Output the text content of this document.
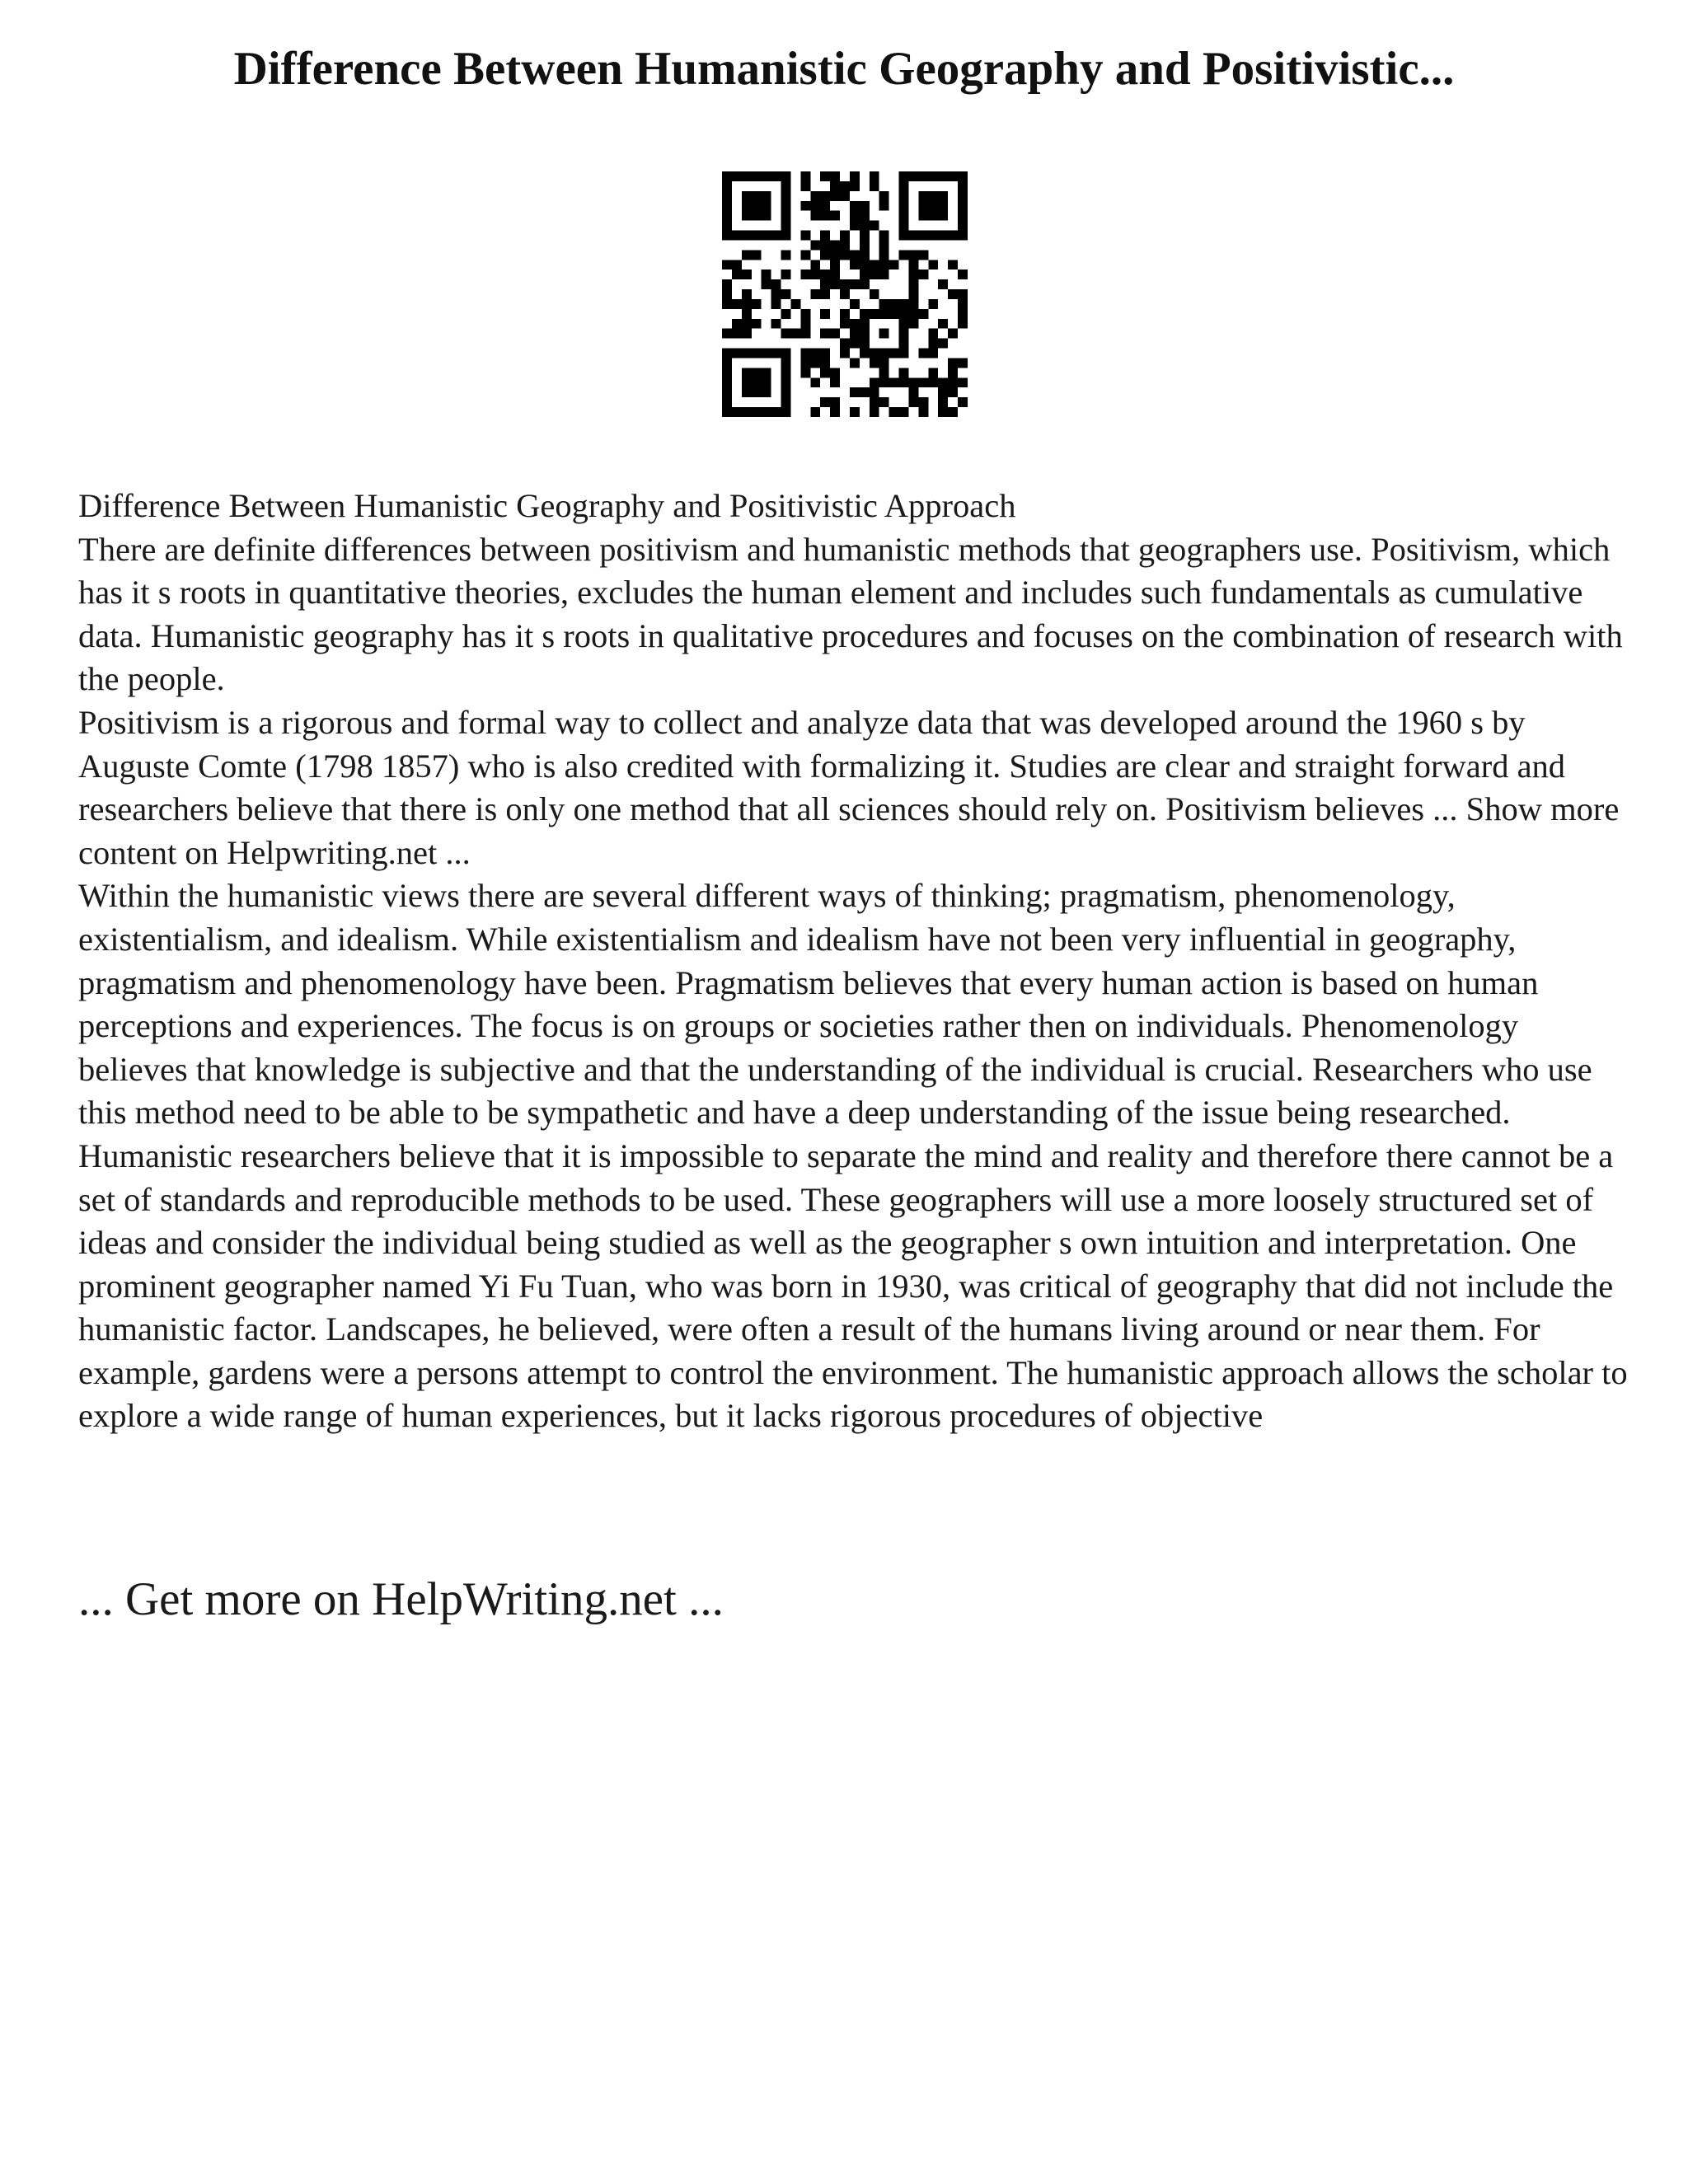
Difference Between Humanistic Geography and Positivistic...

Difference Between Humanistic Geography and Positivistic Approach

There are definite differences between positivism and humanistic methods that geographers use. Positivism, which has it s roots in quantitative theories, excludes the human element and includes such fundamentals as cumulative data. Humanistic geography has it s roots in qualitative procedures and focuses on the combination of research with the people.

Positivism is a rigorous and formal way to collect and analyze data that was developed around the 1960 s by Auguste Comte (1798 1857) who is also credited with formalizing it. Studies are clear and straight forward and researchers believe that there is only one method that all sciences should rely on. Positivism believes ... Show more content on Helpwriting.net ...

Within the humanistic views there are several different ways of thinking; pragmatism, phenomenology, existentialism, and idealism. While existentialism and idealism have not been very influential in geography, pragmatism and phenomenology have been. Pragmatism believes that every human action is based on human perceptions and experiences. The focus is on groups or societies rather then on individuals. Phenomenology believes that knowledge is subjective and that the understanding of the individual is crucial. Researchers who use this method need to be able to be sympathetic and have a deep understanding of the issue being researched. Humanistic researchers believe that it is impossible to separate the mind and reality and therefore there cannot be a set of standards and reproducible methods to be used. These geographers will use a more loosely structured set of ideas and consider the individual being studied as well as the geographer s own intuition and interpretation. One prominent geographer named Yi Fu Tuan, who was born in 1930, was critical of geography that did not include the humanistic factor. Landscapes, he believed, were often a result of the humans living around or near them. For example, gardens were a persons attempt to control the environment. The humanistic approach allows the scholar to explore a wide range of human experiences, but it lacks rigorous procedures of objective

... Get more on HelpWriting.net ...
